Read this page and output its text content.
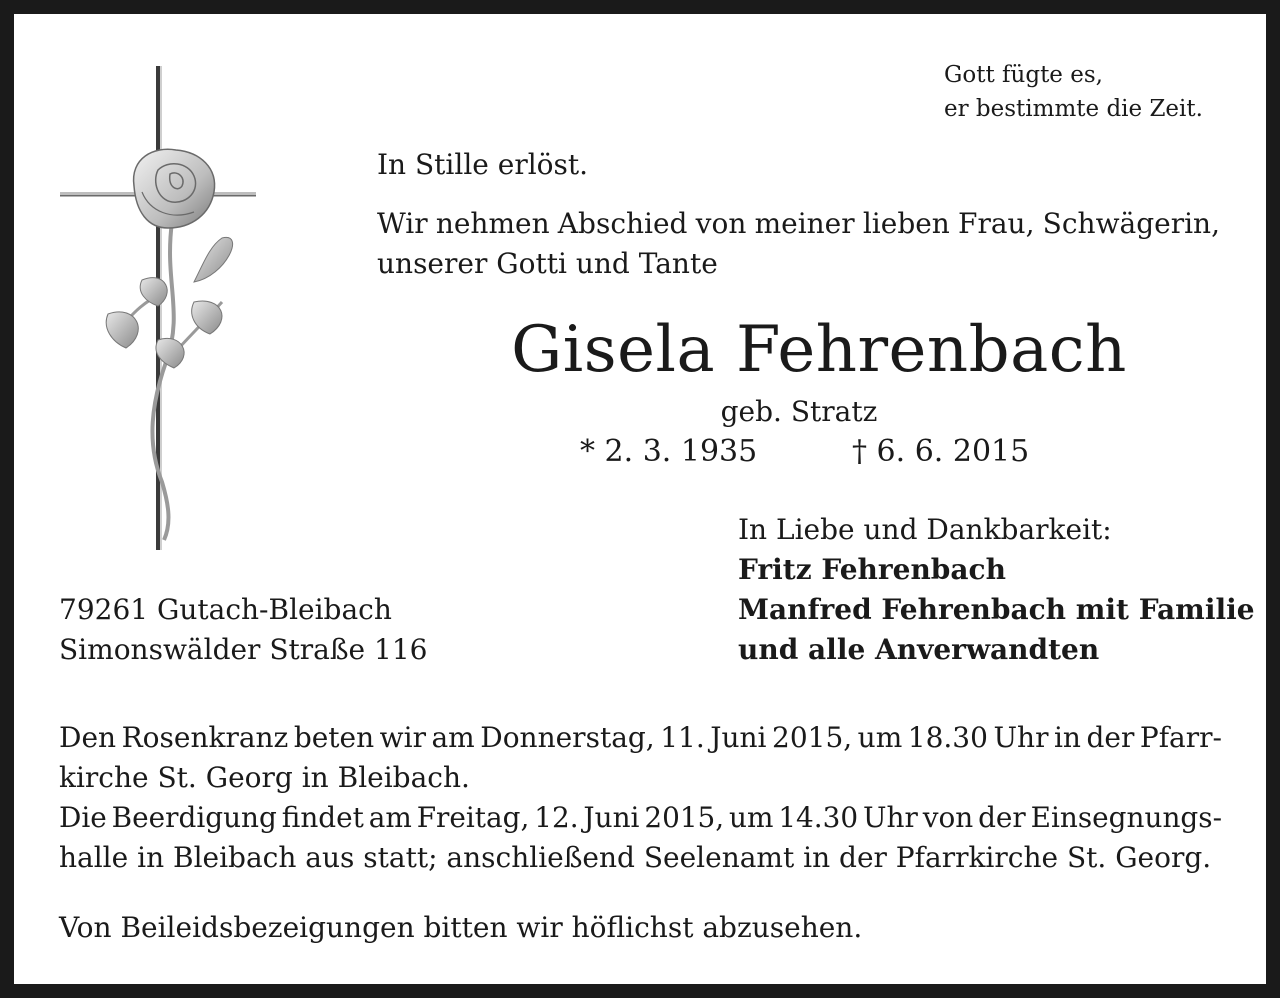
Gott fügte es,
er bestimmte die Zeit.
In Stille erlöst.
Wir nehmen Abschied von meiner lieben Frau, Schwägerin,
unserer Gotti und Tante
Gisela Fehrenbach
geb. Stratz
* 2. 3. 1935	† 6. 6. 2015
In Liebe und Dankbarkeit:
Fritz Fehrenbach
Manfred Fehrenbach mit Familie
und alle Anverwandten
79261 Gutach-Bleibach
Simonswälder Straße 116
Den Rosenkranz beten wir am Donnerstag, 11. Juni 2015, um 18.30 Uhr in der Pfarr-
kirche St. Georg in Bleibach.
Die Beerdigung findet am Freitag, 12. Juni 2015, um 14.30 Uhr von der Einsegnungs-
halle in Bleibach aus statt; anschließend Seelenamt in der Pfarrkirche St. Georg.
Von Beileidsbezeigungen bitten wir höflichst abzusehen.
